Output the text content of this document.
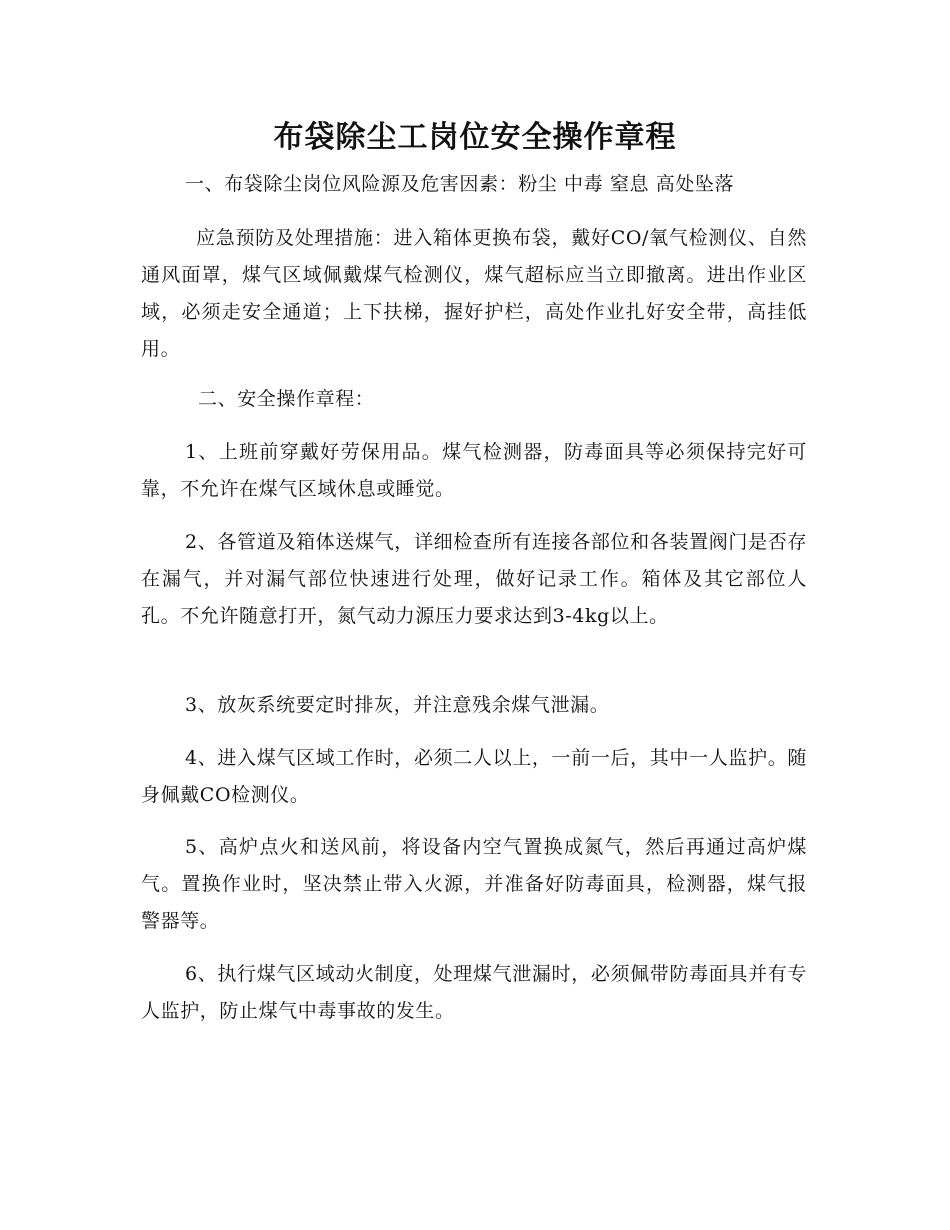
布袋除尘工岗位安全操作章程

一、布袋除尘岗位风险源及危害因素：粉尘 中毒 窒息 高处坠落

应急预防及处理措施：进入箱体更换布袋，戴好CO/氧气检测仪、自然通风面罩，煤气区域佩戴煤气检测仪，煤气超标应当立即撤离。进出作业区域，必须走安全通道；上下扶梯，握好护栏，高处作业扎好安全带，高挂低用。

二、安全操作章程：

1、上班前穿戴好劳保用品。煤气检测器，防毒面具等必须保持完好可靠，不允许在煤气区域休息或睡觉。

2、各管道及箱体送煤气，详细检查所有连接各部位和各装置阀门是否存在漏气，并对漏气部位快速进行处理，做好记录工作。箱体及其它部位人孔。不允许随意打开，氮气动力源压力要求达到3-4kg以上。

3、放灰系统要定时排灰，并注意残余煤气泄漏。

4、进入煤气区域工作时，必须二人以上，一前一后，其中一人监护。随身佩戴CO检测仪。

5、高炉点火和送风前，将设备内空气置换成氮气，然后再通过高炉煤气。置换作业时，坚决禁止带入火源，并准备好防毒面具，检测器，煤气报警器等。

6、执行煤气区域动火制度，处理煤气泄漏时，必须佩带防毒面具并有专人监护，防止煤气中毒事故的发生。
